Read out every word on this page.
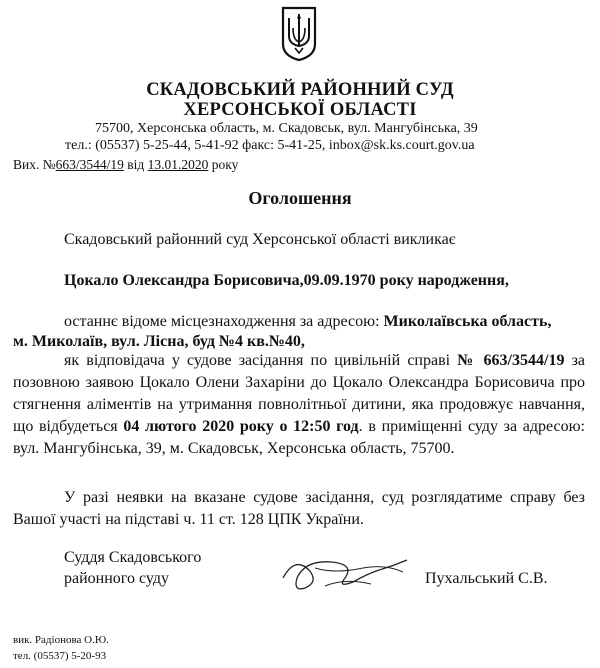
СКАДОВСЬКИЙ РАЙОННИЙ СУД
ХЕРСОНСЬКОЇ ОБЛАСТІ
75700, Херсонська область, м. Скадовськ, вул. Мангубінська, 39
тел.: (05537) 5-25-44, 5-41-92 факс: 5-41-25, inbox@sk.ks.court.gov.ua
Вих. №663/3544/19 від 13.01.2020 року
Оголошення
Скадовський районний суд Херсонської області викликає
Цокало Олександра Борисовича,09.09.1970 року народження,
останнє відоме місцезнаходження за адресою: Миколаївська область,
м. Миколаїв, вул. Лісна, буд №4 кв.№40,
як відповідача у судове засідання по цивільній справі № 663/3544/19 за позовною заявою Цокало Олени Захаріни до Цокало Олександра Борисовича про стягнення аліментів на утримання повнолітньої дитини, яка продовжує навчання, що відбудеться 04 лютого 2020 року о 12:50 год. в приміщенні суду за адресою: вул. Мангубінська, 39, м. Скадовськ, Херсонська область, 75700.
У разі неявки на вказане судове засідання, суд розглядатиме справу без Вашої участі на підставі ч. 11 ст. 128 ЦПК України.
Суддя Скадовського
районного суду	Пухальський С.В.
вик. Радіонова О.Ю.
тел. (05537) 5-20-93
